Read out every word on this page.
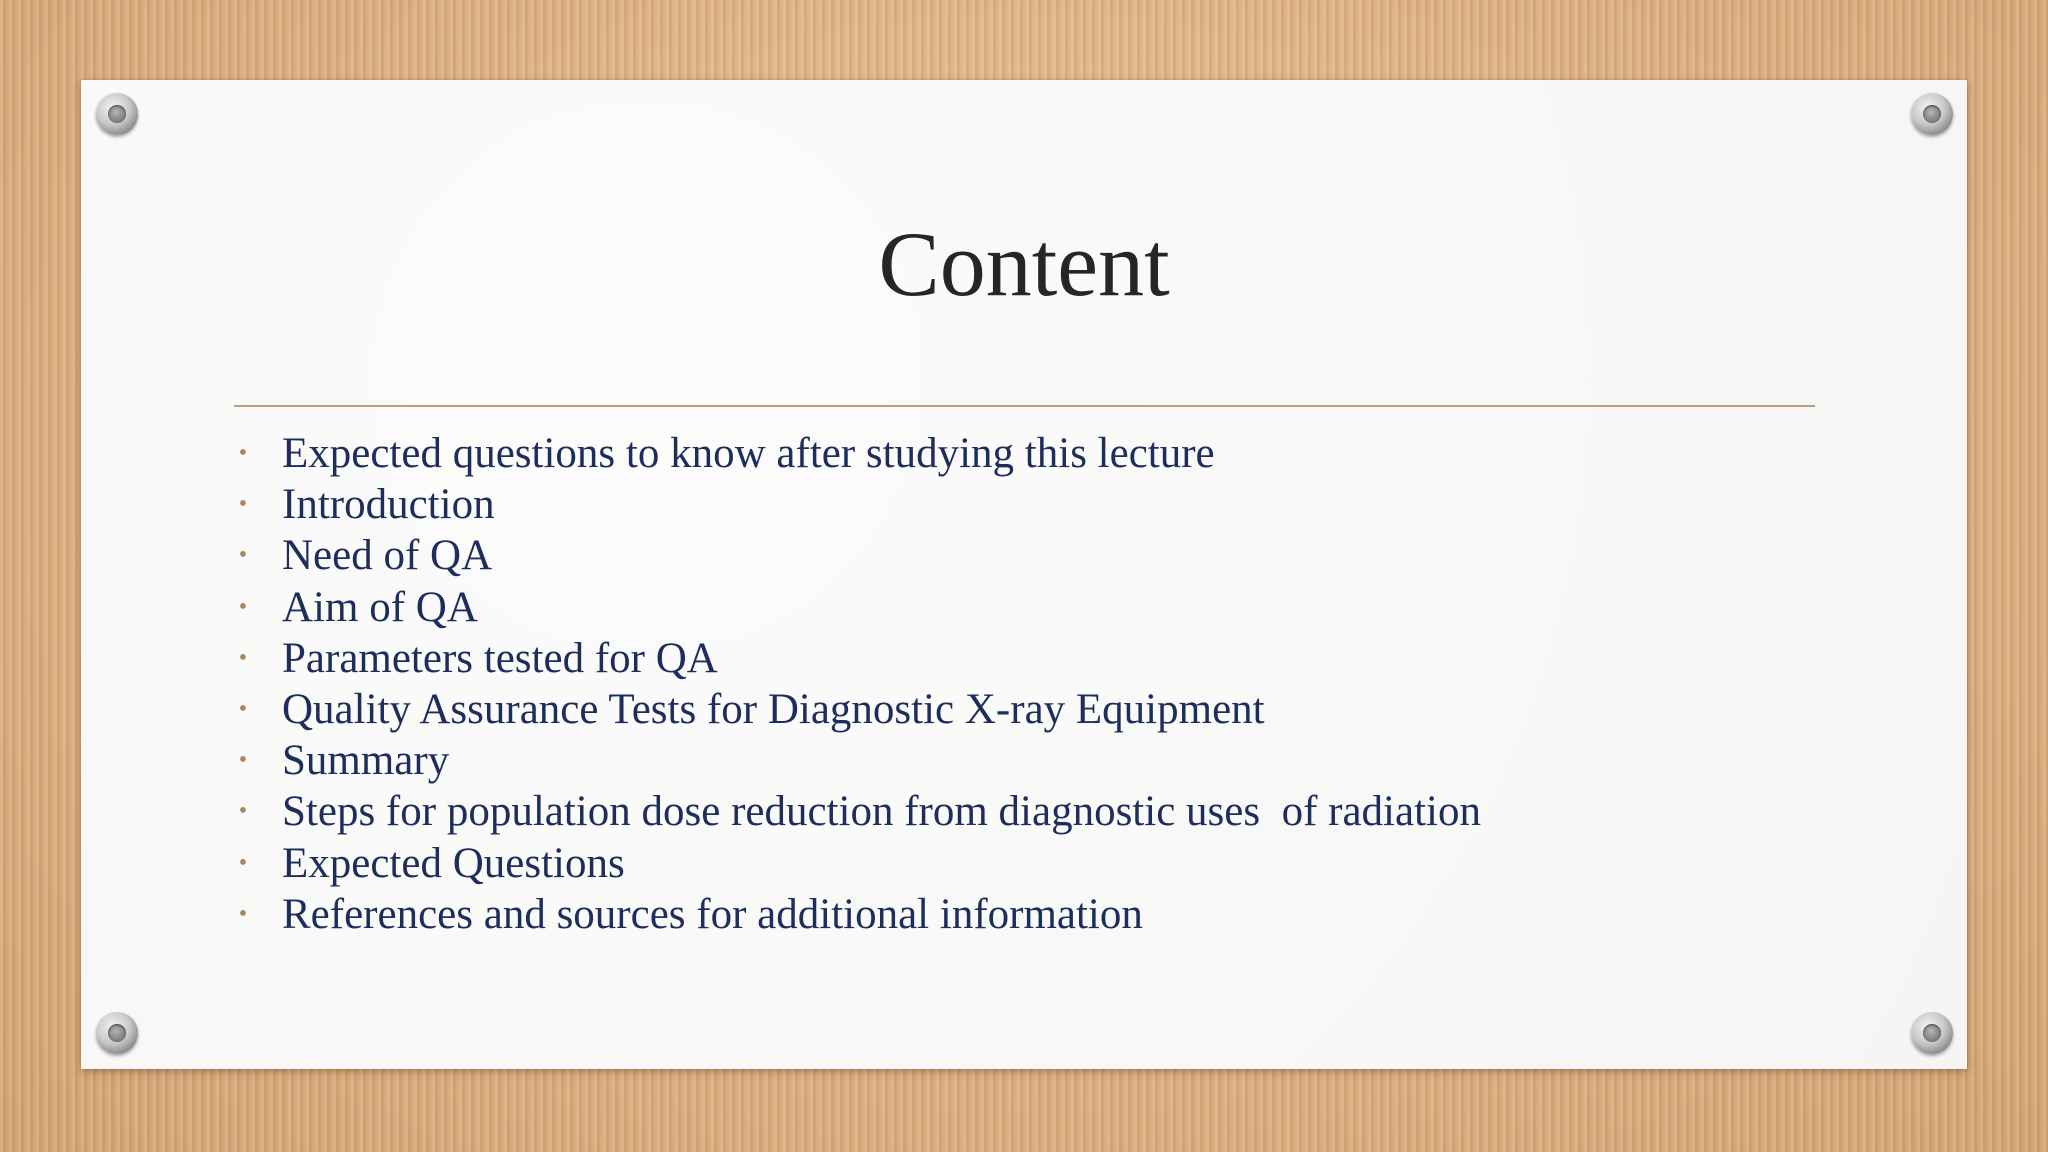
Content
• Expected questions to know after studying this lecture
• Introduction
• Need of QA
• Aim of QA
• Parameters tested for QA
• Quality Assurance Tests for Diagnostic X-ray Equipment
• Summary
• Steps for population dose reduction from diagnostic uses  of radiation
• Expected Questions
• References and sources for additional information
